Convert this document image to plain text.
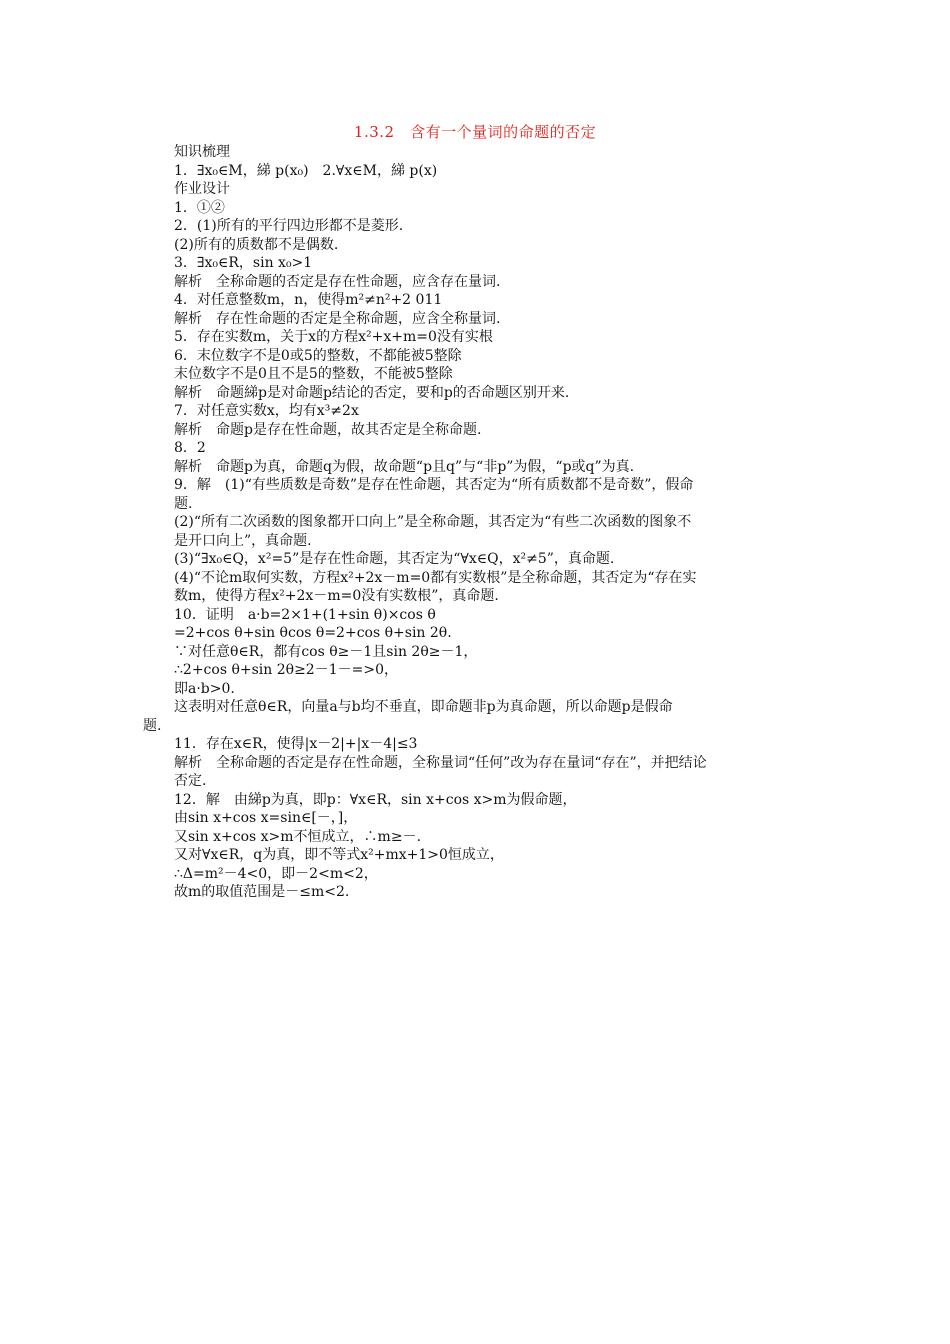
1.3.2　含有一个量词的命题的否定
知识梳理
1．∃x₀∈M，綈 p(x₀)　2.∀x∈M，綈 p(x)
作业设计
1．①②
2．(1)所有的平行四边形都不是菱形.
(2)所有的质数都不是偶数.
3．∃x₀∈R，sin x₀>1
解析　全称命题的否定是存在性命题，应含存在量词.
4．对任意整数m，n，使得m²≠n²+2 011
解析　存在性命题的否定是全称命题，应含全称量词.
5．存在实数m，关于x的方程x²+x+m=0没有实根
6．末位数字不是0或5的整数，不都能被5整除
末位数字不是0且不是5的整数，不能被5整除
解析　命题綈p是对命题p结论的否定，要和p的否命题区别开来.
7．对任意实数x，均有x³≠2x
解析　命题p是存在性命题，故其否定是全称命题.
8．2
解析　命题p为真，命题q为假，故命题“p且q”与“非p”为假，“p或q”为真.
9．解　(1)“有些质数是奇数”是存在性命题，其否定为“所有质数都不是奇数”，假命
题.
(2)“所有二次函数的图象都开口向上”是全称命题，其否定为“有些二次函数的图象不
是开口向上”，真命题.
(3)“∃x₀∈Q，x²=5”是存在性命题，其否定为“∀x∈Q，x²≠5”，真命题.
(4)“不论m取何实数，方程x²+2x－m=0都有实数根”是全称命题，其否定为“存在实
数m，使得方程x²+2x－m=0没有实数根”，真命题.
10．证明　a·b=2×1+(1+sin θ)×cos θ
=2+cos θ+sin θcos θ=2+cos θ+sin 2θ.
∵对任意θ∈R，都有cos θ≥－1且sin 2θ≥－1，
∴2+cos θ+sin 2θ≥2－1－=>0，
即a·b>0.
这表明对任意θ∈R，向量a与b均不垂直，即命题非p为真命题，所以命题p是假命
题.
11．存在x∈R，使得|x－2|+|x－4|≤3
解析　全称命题的否定是存在性命题，全称量词“任何”改为存在量词“存在”，并把结论
否定.
12．解　由綈p为真，即p：∀x∈R，sin x+cos x>m为假命题，
由sin x+cos x=sin∈[－，]，
又sin x+cos x>m不恒成立，∴m≥－.
又对∀x∈R，q为真，即不等式x²+mx+1>0恒成立，
∴Δ=m²－4<0，即－2<m<2，
故m的取值范围是－≤m<2.
